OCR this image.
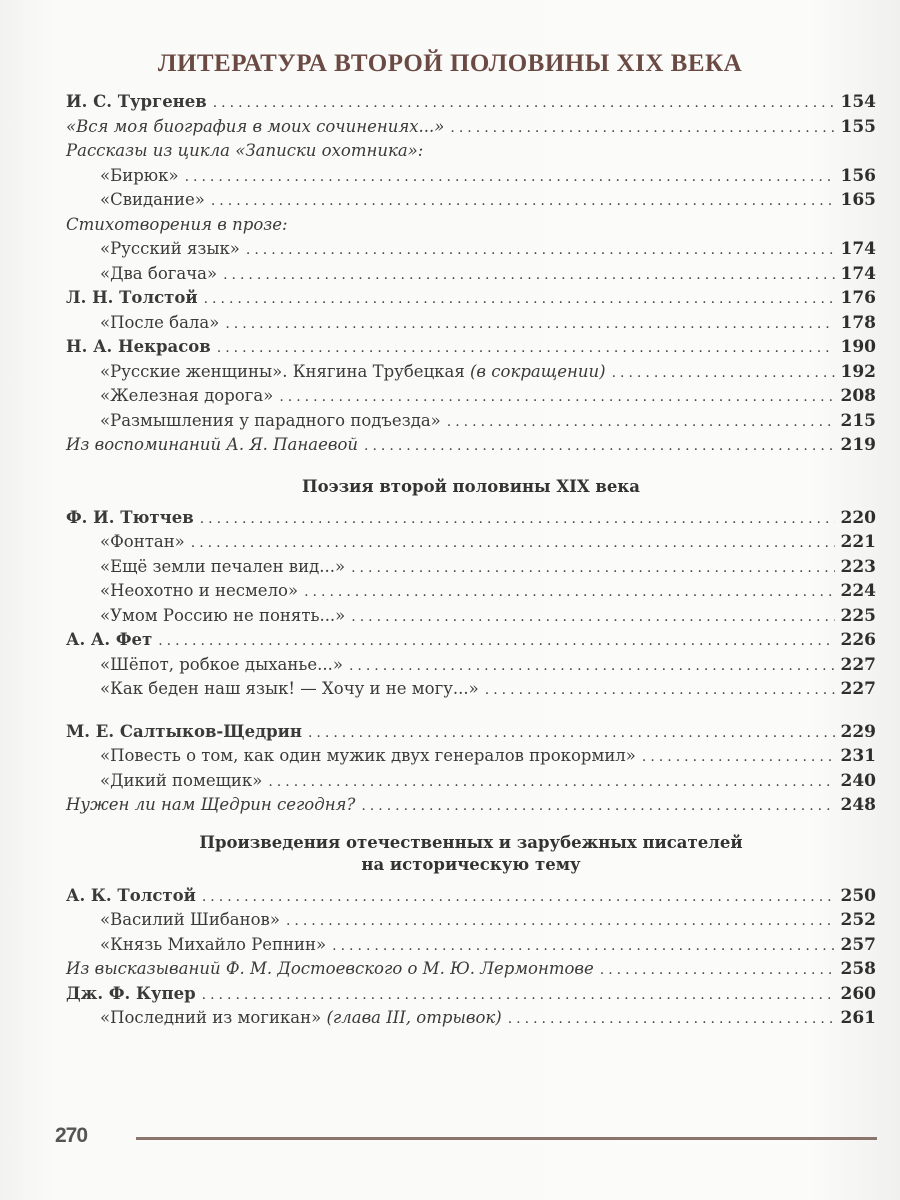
ЛИТЕРАТУРА ВТОРОЙ ПОЛОВИНЫ XIX ВЕКА
И. С. Тургенев .....	154
«Вся моя биография в моих сочинениях...» .....	155
Рассказы из цикла «Записки охотника»:
«Бирюк» .....	156
«Свидание» .....	165
Стихотворения в прозе:
«Русский язык» .....	174
«Два богача» .....	174
Л. Н. Толстой .....	176
«После бала» .....	178
Н. А. Некрасов .....	190
«Русские женщины». Княгина Трубецкая (в сокращении) .....	192
«Железная дорога» .....	208
«Размышления у парадного подъезда» .....	215
Из воспоминаний А. Я. Панаевой .....	219
Поэзия второй половины XIX века
Ф. И. Тютчев .....	220
«Фонтан» .....	221
«Ещё земли печален вид...» .....	223
«Неохотно и несмело» .....	224
«Умом Россию не понять...» .....	225
А. А. Фет .....	226
«Шёпот, робкое дыханье...» .....	227
«Как беден наш язык! — Хочу и не могу...» .....	227
М. Е. Салтыков-Щедрин .....	229
«Повесть о том, как один мужик двух генералов прокормил» .....	231
«Дикий помещик» .....	240
Нужен ли нам Щедрин сегодня? .....	248
Произведения отечественных и зарубежных писателей
на историческую тему
А. К. Толстой .....	250
«Василий Шибанов» .....	252
«Князь Михайло Репнин» .....	257
Из высказываний Ф. М. Достоевского о М. Ю. Лермонтове .....	258
Дж. Ф. Купер .....	260
«Последний из могикан» (глава III, отрывок) .....	261
270
